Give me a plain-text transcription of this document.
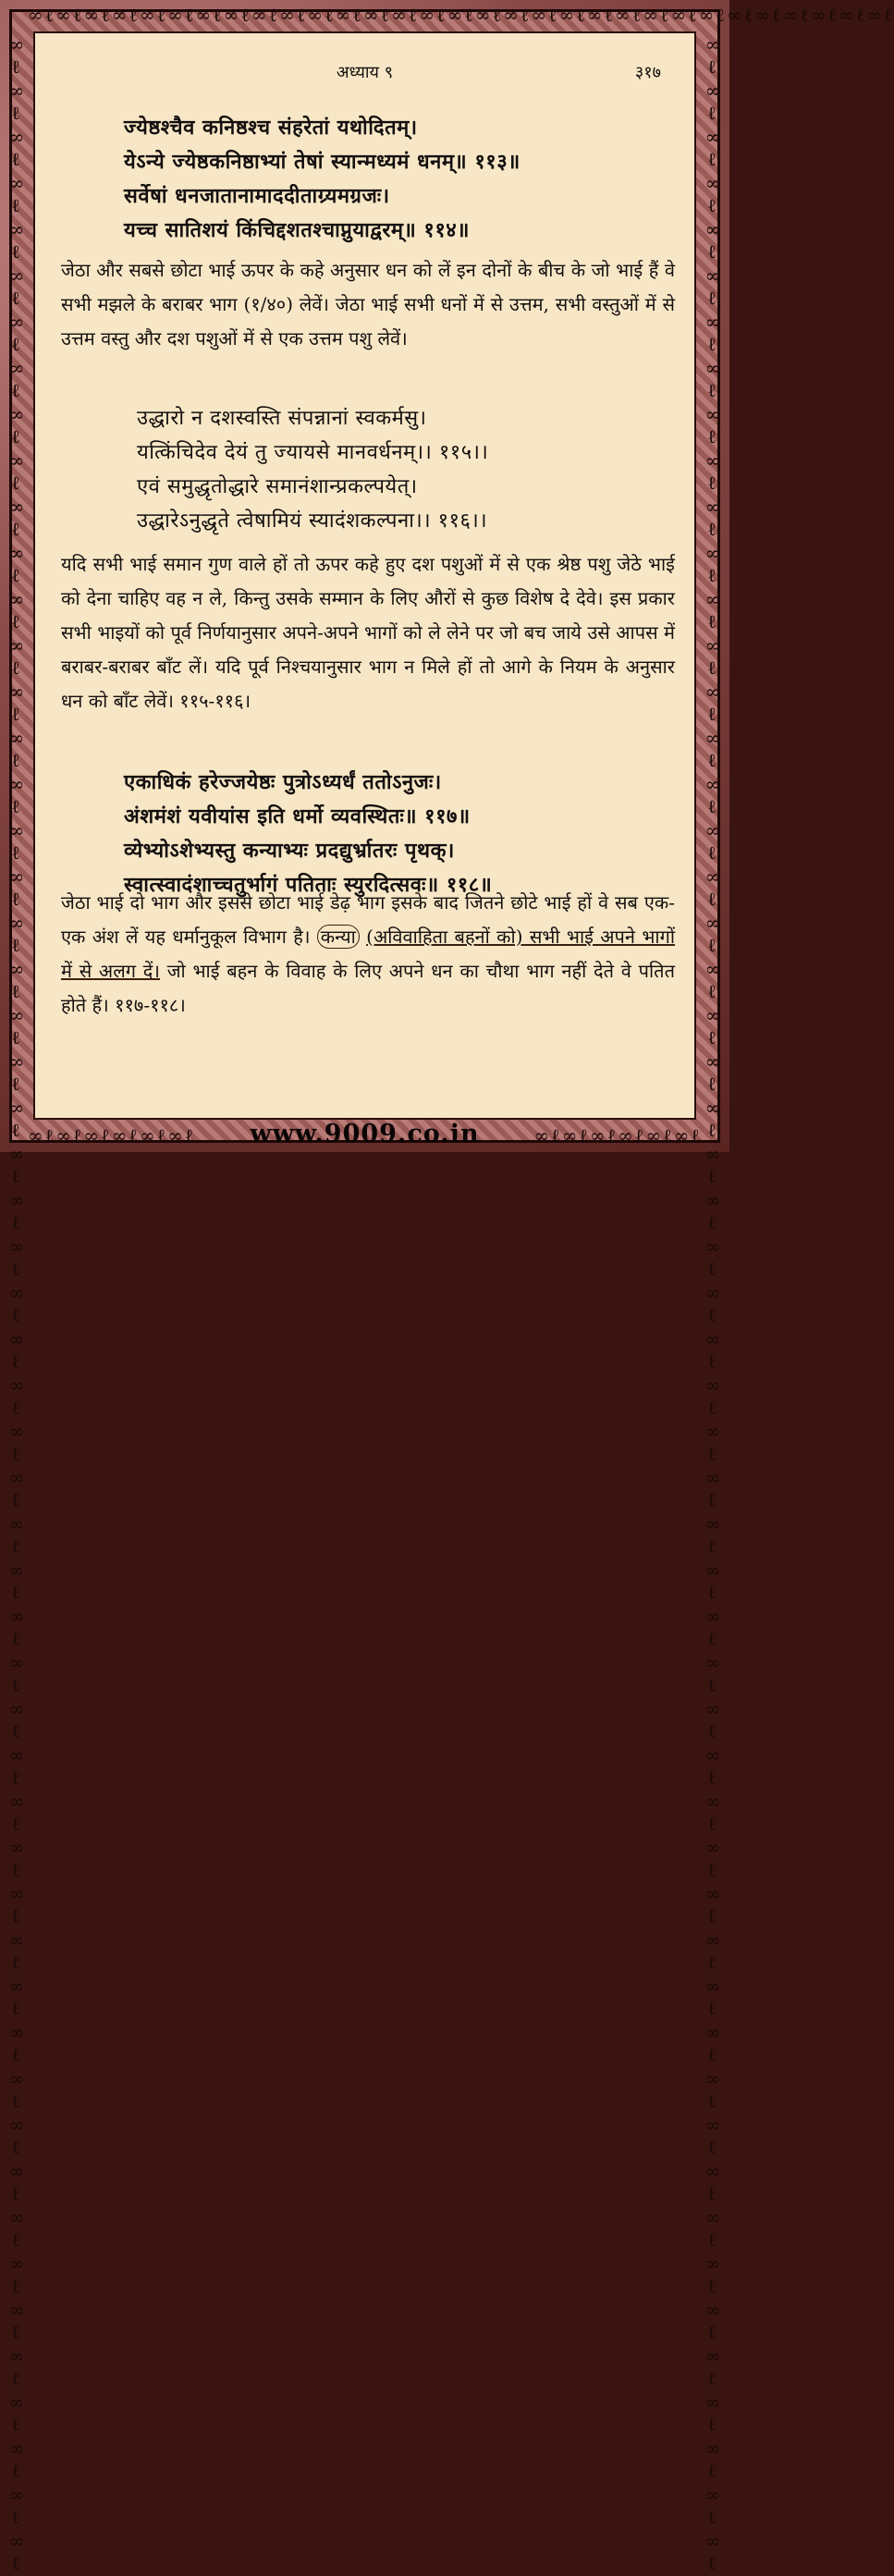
∞ℓ∞ℓ∞ℓ∞ℓ∞ℓ∞ℓ∞ℓ∞ℓ∞ℓ∞ℓ∞ℓ∞ℓ∞ℓ∞ℓ∞ℓ∞ℓ∞ℓ∞ℓ∞ℓ∞ℓ∞ℓ∞ℓ∞ℓ∞ℓ∞ℓ∞ℓ∞ℓ∞ℓ∞ℓ∞ℓ∞ℓ
∞ℓ∞ℓ∞ℓ∞ℓ∞ℓ∞ℓ∞ℓ∞ℓ∞ℓ∞ℓ∞ℓ∞ℓ∞ℓ∞ℓ∞ℓ∞ℓ∞ℓ∞ℓ∞ℓ∞ℓ∞ℓ∞ℓ∞ℓ∞ℓ∞ℓ∞ℓ∞ℓ∞ℓ∞ℓ∞ℓ∞ℓ∞ℓ∞ℓ∞ℓ∞ℓ∞ℓ∞ℓ∞ℓ∞ℓ∞ℓ∞ℓ∞ℓ∞ℓ∞ℓ∞ℓ∞ℓ∞ℓ∞ℓ∞ℓ∞ℓ∞ℓ∞ℓ∞ℓ∞ℓ∞ℓ	∞ℓ∞ℓ∞ℓ∞ℓ∞ℓ∞ℓ∞ℓ∞ℓ∞ℓ∞ℓ∞ℓ∞ℓ∞ℓ∞ℓ∞ℓ∞ℓ∞ℓ∞ℓ∞ℓ∞ℓ∞ℓ∞ℓ∞ℓ∞ℓ∞ℓ∞ℓ∞ℓ∞ℓ∞ℓ∞ℓ∞ℓ∞ℓ∞ℓ∞ℓ∞ℓ∞ℓ∞ℓ∞ℓ∞ℓ∞ℓ∞ℓ∞ℓ∞ℓ∞ℓ∞ℓ∞ℓ∞ℓ∞ℓ∞ℓ∞ℓ∞ℓ∞ℓ∞ℓ∞ℓ∞ℓ
∞ℓ∞ℓ∞ℓ∞ℓ∞ℓ∞ℓ	∞ℓ∞ℓ∞ℓ∞ℓ∞ℓ∞ℓ
अध्याय ९	३१७
ज्येष्ठश्चैव कनिष्ठश्च संहरेतां यथोदितम्।
येऽन्ये ज्येष्ठकनिष्ठाभ्यां तेषां स्यान्मध्यमं धनम्॥ ११३॥
सर्वेषां धनजातानामाददीताग्र्यमग्रजः।
यच्च सातिशयं किंचिद्दशतश्चाप्नुयाद्वरम्॥ ११४॥
जेठा और सबसे छोटा भाई ऊपर के कहे अनुसार धन को लें इन दोनों के बीच के जो भाई हैं वे सभी मझले के बराबर भाग (१/४०) लेवें। जेठा भाई सभी धनों में से उत्तम, सभी वस्तुओं में से उत्तम वस्तु और दश पशुओं में से एक उत्तम पशु लेवें।
उद्धारो न दशस्वस्ति संपन्नानां स्वकर्मसु।
यत्किंचिदेव देयं तु ज्यायसे मानवर्धनम्।। ११५।।
एवं समुद्धृतोद्धारे समानंशान्प्रकल्पयेत्।
उद्धारेऽनुद्धृते त्वेषामियं स्यादंशकल्पना।। ११६।।
यदि सभी भाई समान गुण वाले हों तो ऊपर कहे हुए दश पशुओं में से एक श्रेष्ठ पशु जेठे भाई को देना चाहिए वह न ले, किन्तु उसके सम्मान के लिए औरों से कुछ विशेष दे देवे। इस प्रकार सभी भाइयों को पूर्व निर्णयानुसार अपने-अपने भागों को ले लेने पर जो बच जाये उसे आपस में बराबर-बराबर बाँट लें। यदि पूर्व निश्चयानुसार भाग न मिले हों तो आगे के नियम के अनुसार धन को बाँट लेवें। ११५-११६।
एकाधिकं हरेज्जयेष्ठः पुत्रोऽध्यर्धं ततोऽनुजः।
अंशमंशं यवीयांस इति धर्मो व्यवस्थितः॥ ११७॥
व्येभ्योऽशेभ्यस्तु कन्याभ्यः प्रदद्युर्भ्रातरः पृथक्।
स्वात्स्वादंशाच्चतुर्भागं पतिताः स्युरदित्सवः॥ ११८॥
जेठा भाई दो भाग और इससे छोटा भाई डेढ़ भाग इसके बाद जितने छोटे भाई हों वे सब एक-एक अंश लें यह धर्मानुकूल विभाग है। कन्या (अविवाहिता बहनों को) सभी भाई अपने भागों में से अलग दें। जो भाई बहन के विवाह के लिए अपने धन का चौथा भाग नहीं देते वे पतित होते हैं। ११७-११८।
www.9009.co.in
